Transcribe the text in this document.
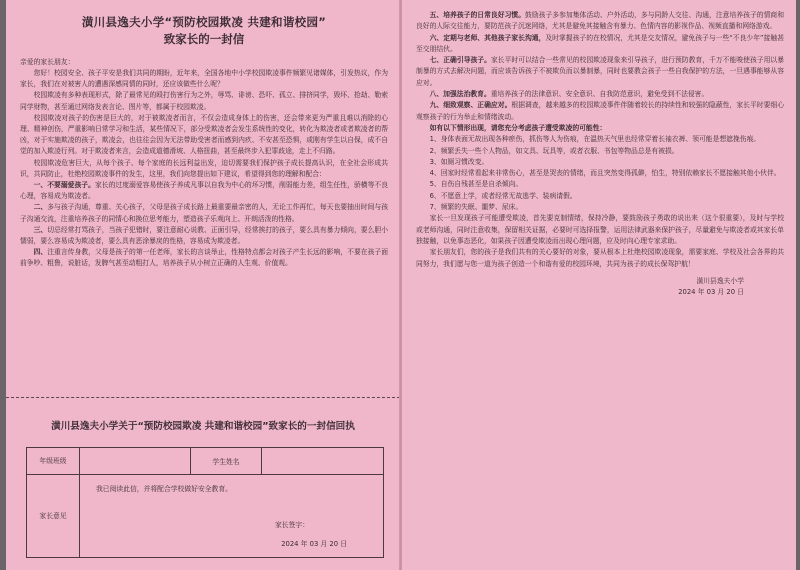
潢川县逸夫小学“预防校园欺凌 共建和谐校园”
致家长的一封信
亲爱的家长朋友：

您好！校园安全、孩子平安是我们共同的期盼，近年来，全国各地中小学校园欺凌事件频繁见诸媒体，引发热议，作为家长，我们在对被害人的遭遇深感同情的同时，还应该做些什么呢？

校园欺凌有多种表现形式，除了最常见的殴打伤害行为之外，辱骂、诽谤、恐吓、孤立、排挤同学，毁坏、抢劫、勒索同学财物，甚至通过网络发表言论、图片等，都属于校园欺凌。

校园欺凌对孩子的伤害是巨大的，对于被欺凌者而言，不仅会造成身体上的伤害，还会带来更为严重且难以消除的心理、精神创伤，严重影响日常学习和生活，某些情况下，部分受欺凌者会发生系统性的变化，转化为欺凌者或者欺凌者的帮凶，对于实施欺凌的孩子，欺凌会，也往往会因为无法带助受害者而感到内疚、不安甚至恐惧，或刚有学生以自保，成不自觉的加入欺凌行列。对于欺凌者来言，会造成道德滑坡、人格扭曲，甚至最终步入犯罪歧途，走上不归路。

校园欺凌危害巨大，从每个孩子、每个家庭的长远利益出发，迫切需要我们保护孩子成长提高认识，在全社会形成共识，共同防止，杜绝校园欺凌事件的发生，这里，我们向您提出如下建议，希望得到您的理解和配合：

一、不要溺爱孩子。家长的过度溺爱容易使孩子养成凡事以自我为中心的坏习惯，削弱能力差，组生任性，骄横等不良心理，容易成为欺凌者。

二、多与孩子沟通，尊重、关心孩子，父母是孩子成长路上最重要最亲密的人，无论工作再忙，每天也要抽出时间与孩子沟通交流，注重培养孩子的同情心和换位思考能力，塑造孩子乐观向上、开朗活泼的性格。

三、切忌经常打骂孩子，当孩子犯错时，要注意耐心说教、正面引导，经常挨打的孩子，要么具有暴力倾向，要么胆小懦弱，要么容易成为欺凌者，要么具有恶涂暴戾的性格，容易成为欺凌者。

四、注重言传身教，父母是孩子的第一任老师，家长的言谈举止，性格特点都会对孩子产生长远的影响，不要在孩子面前争吵、粗鲁，说脏话，发脾气甚至动粗打人，培养孩子从小树立正确的人生观、价值观。

潢川县逸夫小学关于“预防校园欺凌 共建和谐校园”致家长的一封信回执
年级班级		学生姓名	
家长意见	我已阅读此信，并将配合学校做好安全教育。
家长签字：
2024 年 03 月 20 日		

五、培养孩子的日常良好习惯。鼓励孩子多参加集体活动、户外活动，多与同龄人交往、沟通，注意培养孩子的情商和良好的人际交往能力，要防范孩子沉迷网络，尤其是避免其接触含有暴力、色情内容的影视作品、视频直播和网络游戏。

六、定期与老师、其他孩子家长沟通，及时掌握孩子的在校情况，尤其是交友情况，避免孩子与一些“不良少年”接触甚至交朋结伙。

七、正确引导孩子。家长平时可以结合一些常见的校园欺凌现象来引导孩子，进行预防教育，千万不能唆使孩子用以暴制暴的方式去解决问题，而应该告诉孩子不被欺负而以暴制暴，同时也要教会孩子一些自我保护的方法，一旦遇事能够从容应对。

八、加强法治教育。重培养孩子的法律意识、安全意识、自我防范意识，避免受到不法侵害。

九、细致观察、正确应对。根据调查，越来越多的校园欺凌事件伴随着较长的持续性和较强的隐蔽性，家长平时要细心观察孩子的行为举止和情绪波动。

如有以下情形出现，请您充分考虑孩子遭受欺凌的可能性：

1、身体表面无故出现各种瘀伤，抓伤等人为伤痕，在温热天气里也经常穿着长袖衣裤、领可能是想遮挽伤痕。

2、频繁丢失一些个人物品，如文具、玩具等，或者衣服、书包等物品总是有被损。

3、如厕习惯改变。

4、回家时经常看起来非常伤心，甚至是哭丧的情绪，而且突然变得孤僻，怕生，特别依赖家长不愿接触其他小伙伴。

5、自伤自残甚至是自杀倾向。

6、不愿意上学，或者经常无故逃学、装病请假。

7、频繁的失眠、噩梦、尿床。

家长一旦发现孩子可能遭受欺凌，首先要克制情绪，保持冷静，要鼓励孩子勇敢的说出来（这个很重要），及时与学校或老师沟通，同时注意收集，保留相关证据，必要时可选择报警，运用法律武器来保护孩子，尽量避免与欺凌者或其家长单独接触，以免事态恶化，如果孩子因遭受欺凌而出现心理问题，应及时向心理专家求助。

家长朋友们，您的孩子是我们共有的关心要好的对象，要从根本上杜绝校园欺凌现象，需要家庭、学校及社会各界的共同努力，我们愿与您一道为孩子创造一个和谐有爱的校园环境，共同为孩子的成长保驾护航！

潢川县逸夫小学
2024 年 03 月 20 日
